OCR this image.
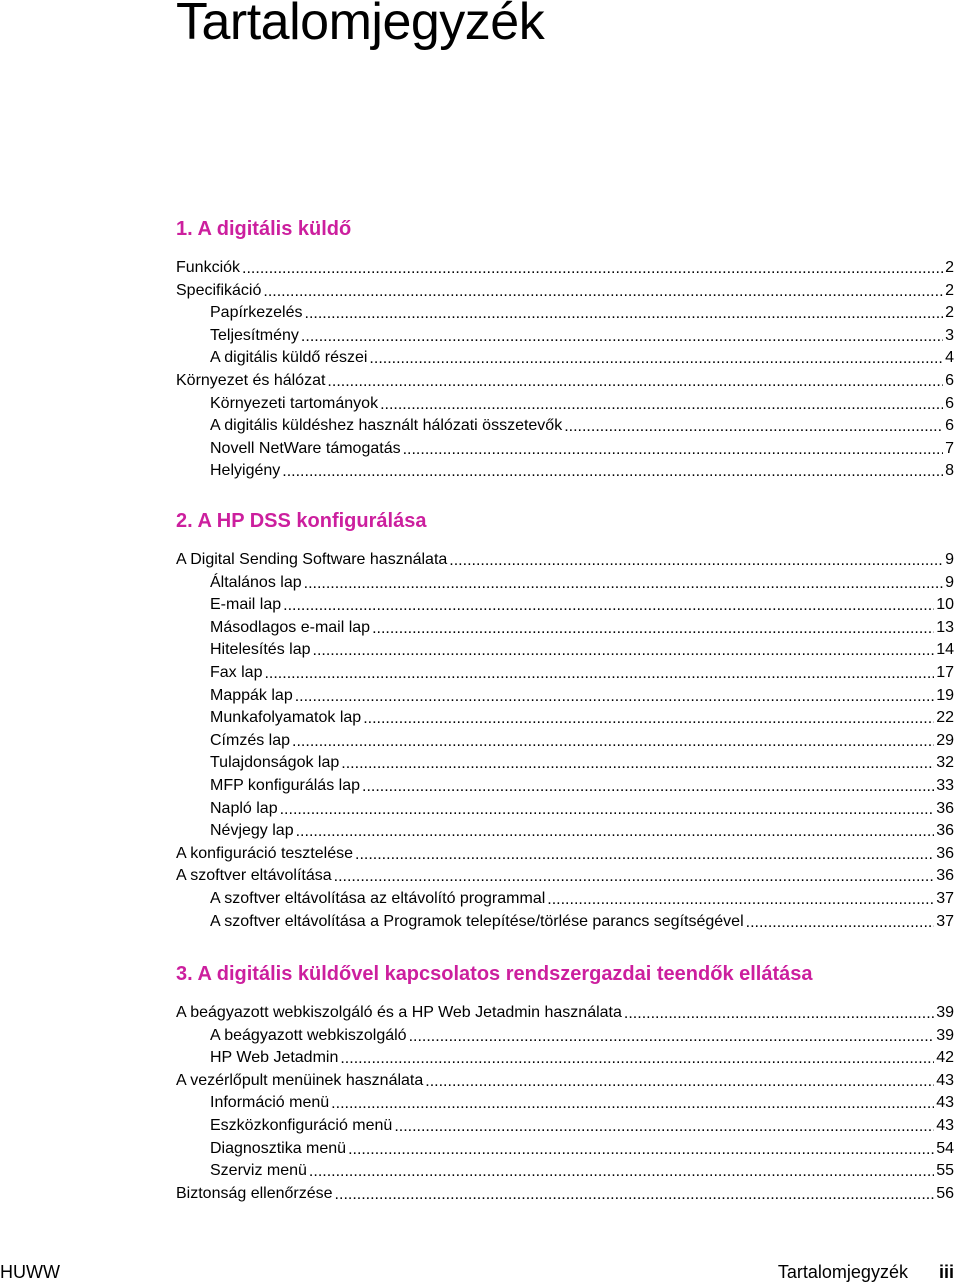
Tartalomjegyzék
1. A digitális küldő
Funkciók .....	2
Specifikáció .....	2
Papírkezelés .....	2
Teljesítmény .....	3
A digitális küldő részei .....	4
Környezet és hálózat .....	6
Környezeti tartományok .....	6
A digitális küldéshez használt hálózati összetevők .....	6
Novell NetWare támogatás .....	7
Helyigény .....	8
2. A HP DSS konfigurálása
A Digital Sending Software használata .....	9
Általános lap .....	9
E-mail lap .....	10
Másodlagos e-mail lap .....	13
Hitelesítés lap .....	14
Fax lap .....	17
Mappák lap .....	19
Munkafolyamatok lap .....	22
Címzés lap .....	29
Tulajdonságok lap .....	32
MFP konfigurálás lap .....	33
Napló lap .....	36
Névjegy lap .....	36
A konfiguráció tesztelése .....	36
A szoftver eltávolítása .....	36
A szoftver eltávolítása az eltávolító programmal .....	37
A szoftver eltávolítása a Programok telepítése/törlése parancs segítségével .....	37
3. A digitális küldővel kapcsolatos rendszergazdai teendők ellátása
A beágyazott webkiszolgáló és a HP Web Jetadmin használata .....	39
A beágyazott webkiszolgáló .....	39
HP Web Jetadmin .....	42
A vezérlőpult menüinek használata .....	43
Információ menü .....	43
Eszközkonfiguráció menü .....	43
Diagnosztika menü .....	54
Szerviz menü .....	55
Biztonság ellenőrzése .....	56
HUWW	Tartalomjegyzék iii
